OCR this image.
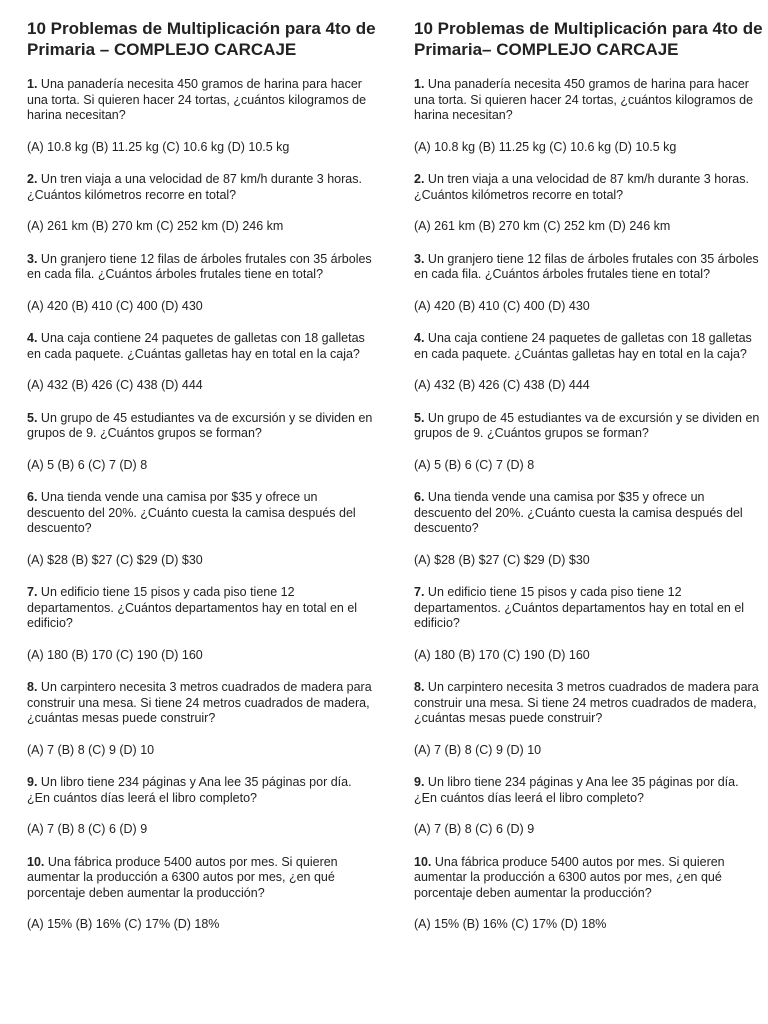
10 Problemas de Multiplicación para 4to de Primaria – COMPLEJO CARCAJE

1. Una panadería necesita 450 gramos de harina para hacer una torta. Si quieren hacer 24 tortas, ¿cuántos kilogramos de harina necesitan?

(A) 10.8 kg (B) 11.25 kg (C) 10.6 kg (D) 10.5 kg

2. Un tren viaja a una velocidad de 87 km/h durante 3 horas. ¿Cuántos kilómetros recorre en total?

(A) 261 km (B) 270 km (C) 252 km (D) 246 km

3. Un granjero tiene 12 filas de árboles frutales con 35 árboles en cada fila. ¿Cuántos árboles frutales tiene en total?

(A) 420 (B) 410 (C) 400 (D) 430

4. Una caja contiene 24 paquetes de galletas con 18 galletas en cada paquete. ¿Cuántas galletas hay en total en la caja?

(A) 432 (B) 426 (C) 438 (D) 444

5. Un grupo de 45 estudiantes va de excursión y se dividen en grupos de 9. ¿Cuántos grupos se forman?

(A) 5 (B) 6 (C) 7 (D) 8

6. Una tienda vende una camisa por $35 y ofrece un descuento del 20%. ¿Cuánto cuesta la camisa después del descuento?

(A) $28 (B) $27 (C) $29 (D) $30

7. Un edificio tiene 15 pisos y cada piso tiene 12 departamentos. ¿Cuántos departamentos hay en total en el edificio?

(A) 180 (B) 170 (C) 190 (D) 160

8. Un carpintero necesita 3 metros cuadrados de madera para construir una mesa. Si tiene 24 metros cuadrados de madera, ¿cuántas mesas puede construir?

(A) 7 (B) 8 (C) 9 (D) 10

9. Un libro tiene 234 páginas y Ana lee 35 páginas por día. ¿En cuántos días leerá el libro completo?

(A) 7 (B) 8 (C) 6 (D) 9

10. Una fábrica produce 5400 autos por mes. Si quieren aumentar la producción a 6300 autos por mes, ¿en qué porcentaje deben aumentar la producción?

(A) 15% (B) 16% (C) 17% (D) 18%

10 Problemas de Multiplicación para 4to de Primaria– COMPLEJO CARCAJE

1. Una panadería necesita 450 gramos de harina para hacer una torta. Si quieren hacer 24 tortas, ¿cuántos kilogramos de harina necesitan?

(A) 10.8 kg (B) 11.25 kg (C) 10.6 kg (D) 10.5 kg

2. Un tren viaja a una velocidad de 87 km/h durante 3 horas. ¿Cuántos kilómetros recorre en total?

(A) 261 km (B) 270 km (C) 252 km (D) 246 km

3. Un granjero tiene 12 filas de árboles frutales con 35 árboles en cada fila. ¿Cuántos árboles frutales tiene en total?

(A) 420 (B) 410 (C) 400 (D) 430

4. Una caja contiene 24 paquetes de galletas con 18 galletas en cada paquete. ¿Cuántas galletas hay en total en la caja?

(A) 432 (B) 426 (C) 438 (D) 444

5. Un grupo de 45 estudiantes va de excursión y se dividen en grupos de 9. ¿Cuántos grupos se forman?

(A) 5 (B) 6 (C) 7 (D) 8

6. Una tienda vende una camisa por $35 y ofrece un descuento del 20%. ¿Cuánto cuesta la camisa después del descuento?

(A) $28 (B) $27 (C) $29 (D) $30

7. Un edificio tiene 15 pisos y cada piso tiene 12 departamentos. ¿Cuántos departamentos hay en total en el edificio?

(A) 180 (B) 170 (C) 190 (D) 160

8. Un carpintero necesita 3 metros cuadrados de madera para construir una mesa. Si tiene 24 metros cuadrados de madera, ¿cuántas mesas puede construir?

(A) 7 (B) 8 (C) 9 (D) 10

9. Un libro tiene 234 páginas y Ana lee 35 páginas por día. ¿En cuántos días leerá el libro completo?

(A) 7 (B) 8 (C) 6 (D) 9

10. Una fábrica produce 5400 autos por mes. Si quieren aumentar la producción a 6300 autos por mes, ¿en qué porcentaje deben aumentar la producción?

(A) 15% (B) 16% (C) 17% (D) 18%
